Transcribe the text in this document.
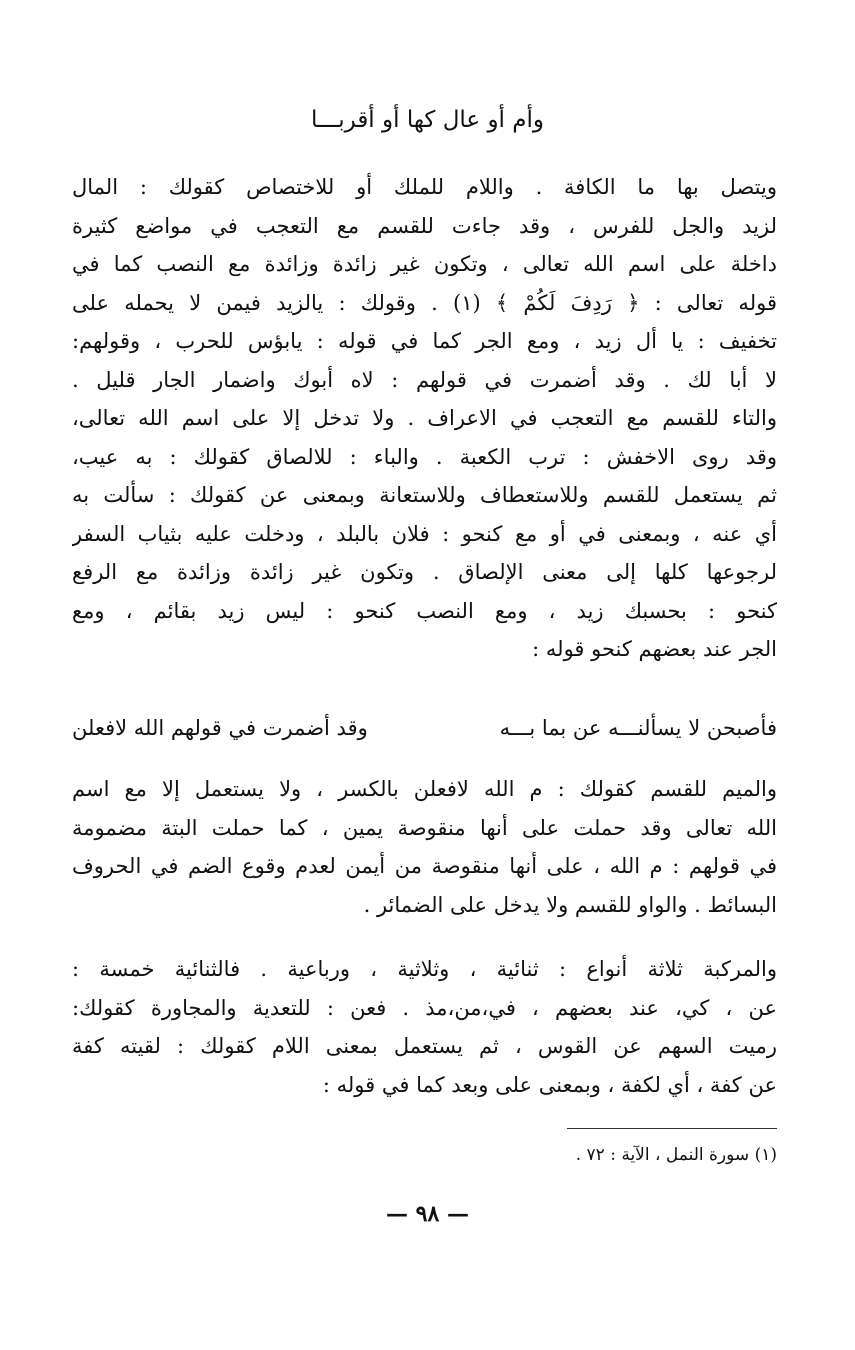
وأم أو عال كها أو أقربـــا
ويتصل بها ما الكافة . واللام للملك أو للاختصاص كقولك : المال
لزيد والجل للفرس ، وقد جاءت للقسم مع التعجب في مواضع كثيرة
داخلة على اسم الله تعالى ، وتكون غير زائدة وزائدة مع النصب كما في
قوله تعالى : ﴿ رَدِفَ لَكُمْ ﴾ (١) . وقولك : يالزيد فيمن لا يحمله على
تخفيف : يا أل زيد ، ومع الجر كما في قوله : يابؤس للحرب ، وقولهم:
لا أبا لك . وقد أضمرت في قولهم : لاه أبوك واضمار الجار قليل .
والتاء للقسم مع التعجب في الاعراف . ولا تدخل إلا على اسم الله تعالى،
وقد روى الاخفش : ترب الكعبة . والباء : للالصاق كقولك : به عيب،
ثم يستعمل للقسم وللاستعطاف وللاستعانة وبمعنى عن كقولك : سألت به
أي عنه ، وبمعنى في أو مع كنحو : فلان بالبلد ، ودخلت عليه بثياب السفر
لرجوعها كلها إلى معنى الإلصاق . وتكون غير زائدة وزائدة مع الرفع
كنحو : بحسبك زيد ، ومع النصب كنحو : ليس زيد بقائم ، ومع
الجر عند بعضهم كنحو قوله :
فأصبحن لا يسألنـــه عن بما بـــه
وقد أضمرت في قولهم الله لافعلن
والميم للقسم كقولك : م الله لافعلن بالكسر ، ولا يستعمل إلا مع اسم
الله تعالى وقد حملت على أنها منقوصة يمين ، كما حملت البتة مضمومة
في قولهم : م الله ، على أنها منقوصة من أيمن لعدم وقوع الضم في الحروف
البسائط . والواو للقسم ولا يدخل على الضمائر .
والمركبة ثلاثة أنواع : ثنائية ، وثلاثية ، ورباعية . فالثنائية خمسة :
عن ، كي، عند بعضهم ، في،من،مذ . فعن : للتعدية والمجاورة كقولك:
رميت السهم عن القوس ، ثم يستعمل بمعنى اللام كقولك : لقيته كفة
عن كفة ، أي لكفة ، وبمعنى على وبعد كما في قوله :
(١) سورة النمل ، الآية : ٧٢ .
— ٩٨ —
